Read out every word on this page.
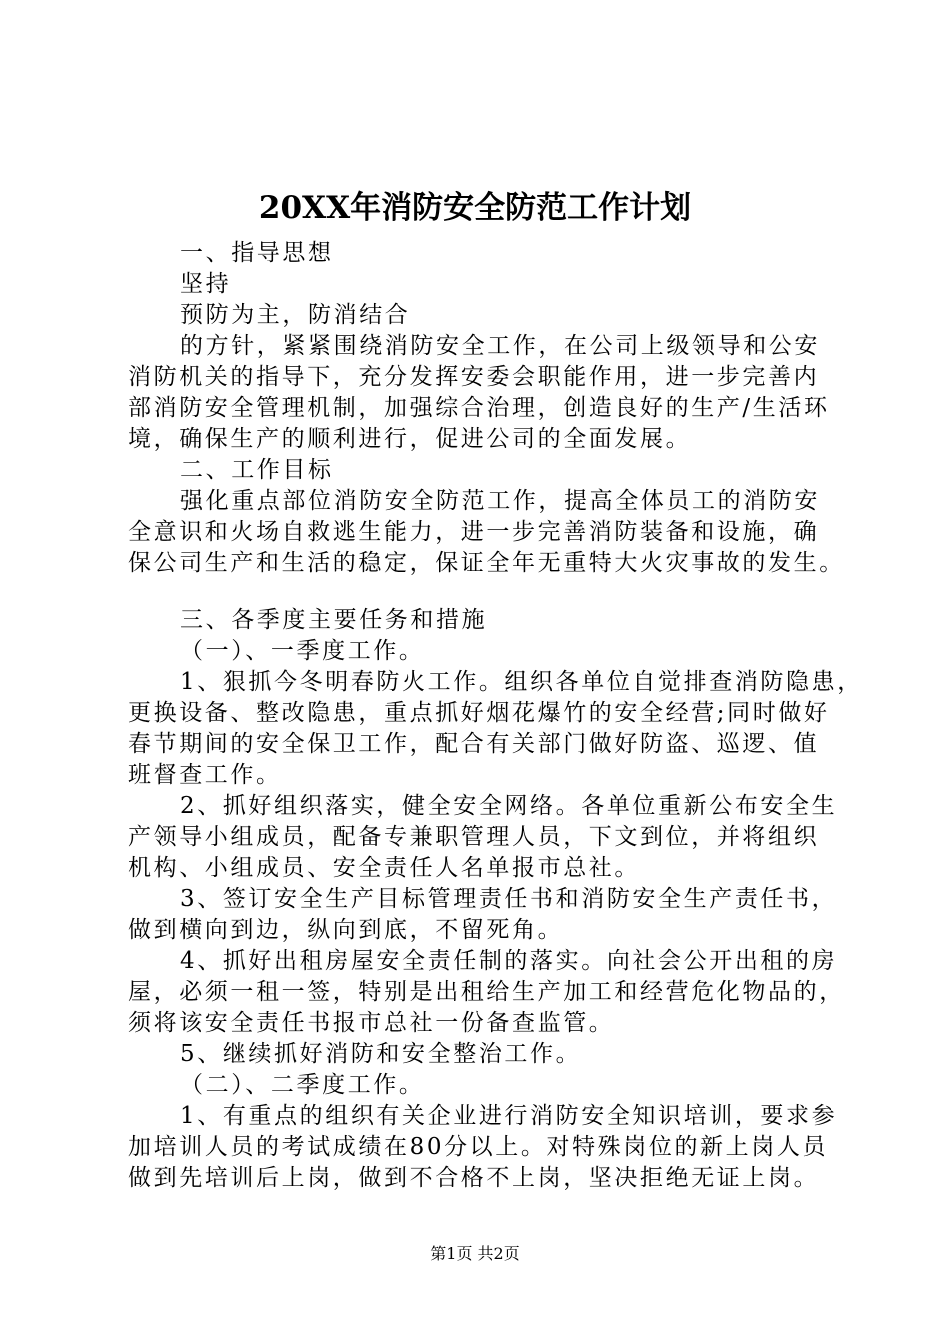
20XX年消防安全防范工作计划
一、指导思想
坚持
预防为主，防消结合
的方针，紧紧围绕消防安全工作，在公司上级领导和公安
消防机关的指导下，充分发挥安委会职能作用，进一步完善内
部消防安全管理机制，加强综合治理，创造良好的生产/生活环
境，确保生产的顺利进行，促进公司的全面发展。
二、工作目标
强化重点部位消防安全防范工作，提高全体员工的消防安
全意识和火场自救逃生能力，进一步完善消防装备和设施，确
保公司生产和生活的稳定，保证全年无重特大火灾事故的发生。
三、各季度主要任务和措施
（一）、一季度工作。
1、狠抓今冬明春防火工作。组织各单位自觉排查消防隐患，
更换设备、整改隐患，重点抓好烟花爆竹的安全经营;同时做好
春节期间的安全保卫工作，配合有关部门做好防盗、巡逻、值
班督查工作。
2、抓好组织落实，健全安全网络。各单位重新公布安全生
产领导小组成员，配备专兼职管理人员，下文到位，并将组织
机构、小组成员、安全责任人名单报市总社。
3、签订安全生产目标管理责任书和消防安全生产责任书，
做到横向到边，纵向到底，不留死角。
4、抓好出租房屋安全责任制的落实。向社会公开出租的房
屋，必须一租一签，特别是出租给生产加工和经营危化物品的，
须将该安全责任书报市总社一份备查监管。
5、继续抓好消防和安全整治工作。
（二）、二季度工作。
1、有重点的组织有关企业进行消防安全知识培训，要求参
加培训人员的考试成绩在80分以上。对特殊岗位的新上岗人员
做到先培训后上岗，做到不合格不上岗，坚决拒绝无证上岗。
第1页 共2页
